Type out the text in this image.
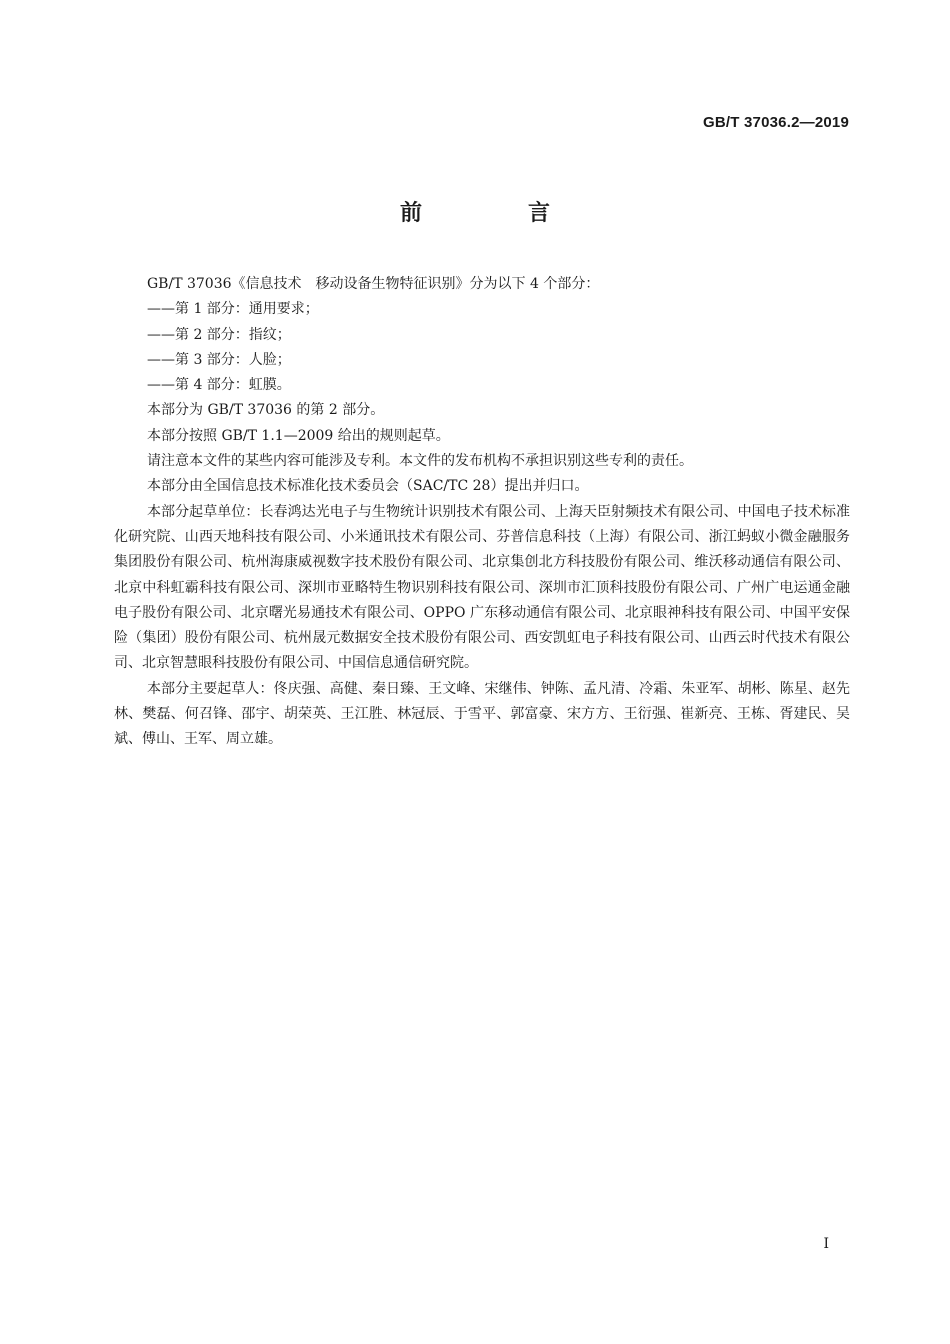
GB/T 37036.2—2019
前　言

GB/T 37036《信息技术　移动设备生物特征识别》分为以下 4 个部分：

——第 1 部分：通用要求；

——第 2 部分：指纹；

——第 3 部分：人脸；

——第 4 部分：虹膜。

本部分为 GB/T 37036 的第 2 部分。

本部分按照 GB/T 1.1—2009 给出的规则起草。

请注意本文件的某些内容可能涉及专利。本文件的发布机构不承担识别这些专利的责任。

本部分由全国信息技术标准化技术委员会（SAC/TC 28）提出并归口。

本部分起草单位：长春鸿达光电子与生物统计识别技术有限公司、上海天臣射频技术有限公司、中国电子技术标准化研究院、山西天地科技有限公司、小米通讯技术有限公司、芬普信息科技（上海）有限公司、浙江蚂蚁小微金融服务集团股份有限公司、杭州海康威视数字技术股份有限公司、北京集创北方科技股份有限公司、维沃移动通信有限公司、北京中科虹霸科技有限公司、深圳市亚略特生物识别科技有限公司、深圳市汇顶科技股份有限公司、广州广电运通金融电子股份有限公司、北京曙光易通技术有限公司、OPPO 广东移动通信有限公司、北京眼神科技有限公司、中国平安保险（集团）股份有限公司、杭州晟元数据安全技术股份有限公司、西安凯虹电子科技有限公司、山西云时代技术有限公司、北京智慧眼科技股份有限公司、中国信息通信研究院。

本部分主要起草人：佟庆强、高健、秦日臻、王文峰、宋继伟、钟陈、孟凡清、冷霜、朱亚军、胡彬、陈星、赵先林、樊磊、何召锋、邵宇、胡荣英、王江胜、林冠辰、于雪平、郭富豪、宋方方、王衍强、崔新亮、王栋、胥建民、吴斌、傅山、王军、周立雄。

I
